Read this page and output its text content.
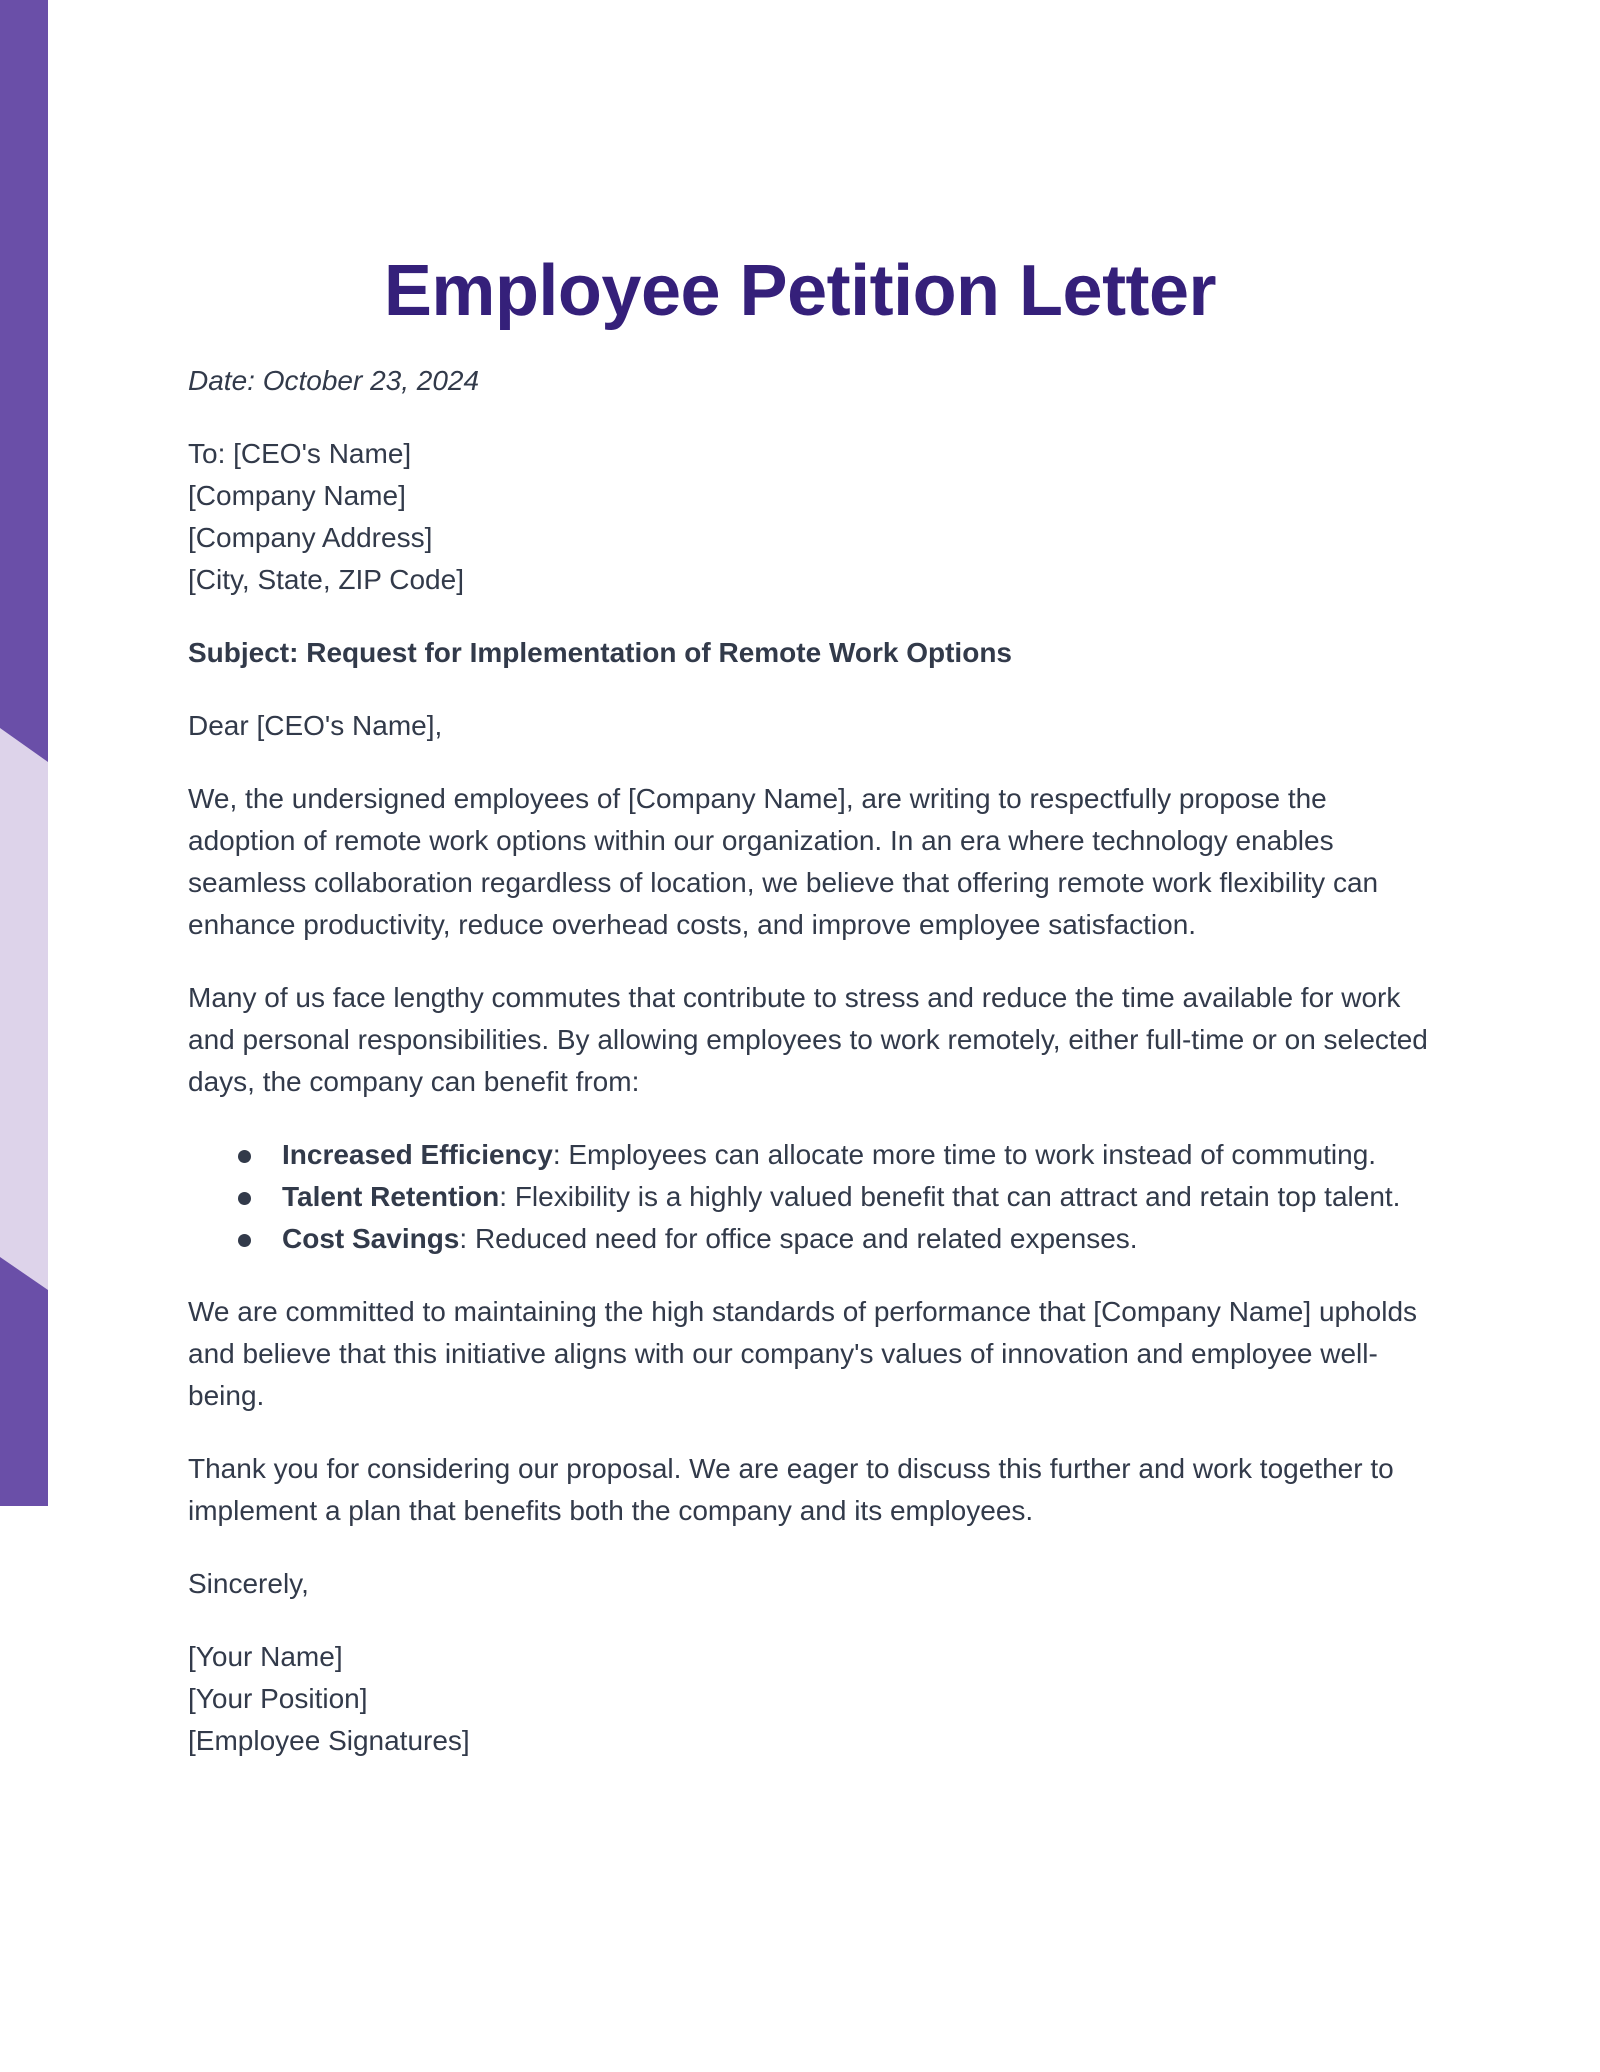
Employee Petition Letter

Date: October 23, 2024

To: [CEO's Name]
[Company Name]
[Company Address]
[City, State, ZIP Code]

Subject: Request for Implementation of Remote Work Options

Dear [CEO's Name],

We, the undersigned employees of [Company Name], are writing to respectfully propose the adoption of remote work options within our organization. In an era where technology enables seamless collaboration regardless of location, we believe that offering remote work flexibility can enhance productivity, reduce overhead costs, and improve employee satisfaction.

Many of us face lengthy commutes that contribute to stress and reduce the time available for work and personal responsibilities. By allowing employees to work remotely, either full-time or on selected days, the company can benefit from:

Increased Efficiency: Employees can allocate more time to work instead of commuting.
Talent Retention: Flexibility is a highly valued benefit that can attract and retain top talent.
Cost Savings: Reduced need for office space and related expenses.

We are committed to maintaining the high standards of performance that [Company Name] upholds and believe that this initiative aligns with our company's values of innovation and employee well-being.

Thank you for considering our proposal. We are eager to discuss this further and work together to implement a plan that benefits both the company and its employees.

Sincerely,

[Your Name]
[Your Position]
[Employee Signatures]
